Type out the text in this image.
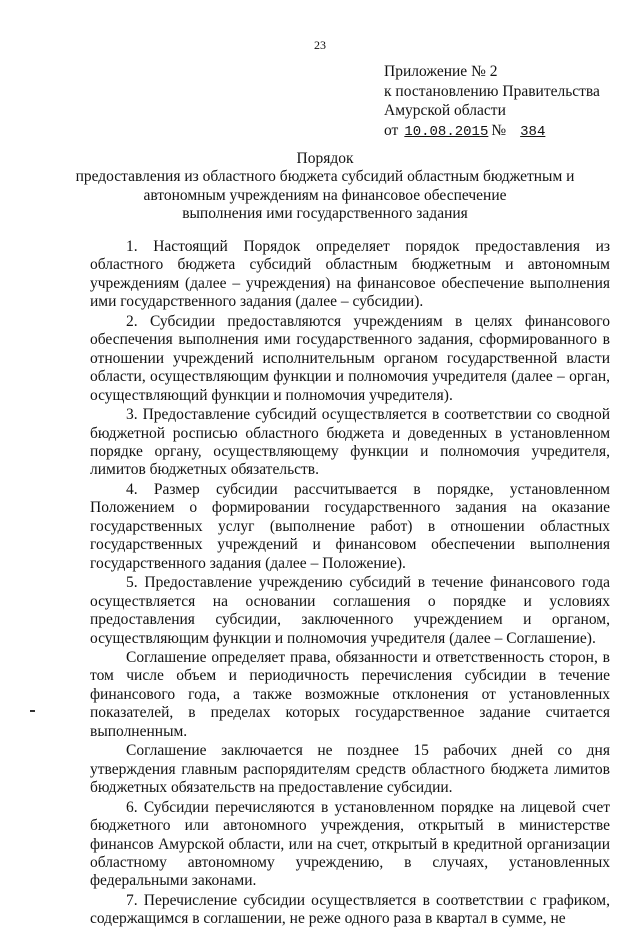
23
Приложение № 2
к постановлению Правительства
Амурской области
от 10.08.2015 № 384
Порядок
предоставления из областного бюджета субсидий областным бюджетным и
автономным учреждениям на финансовое обеспечение
выполнения ими государственного задания

1. Настоящий Порядок определяет порядок предоставления из областного бюджета субсидий областным бюджетным и автономным учреждениям (далее – учреждения) на финансовое обеспечение выполнения ими государственного задания (далее – субсидии).

2. Субсидии предоставляются учреждениям в целях финансового обеспечения выполнения ими государственного задания, сформированного в отношении учреждений исполнительным органом государственной власти области, осуществляющим функции и полномочия учредителя (далее – орган, осуществляющий функции и полномочия учредителя).

3. Предоставление субсидий осуществляется в соответствии со сводной бюджетной росписью областного бюджета и доведенных в установленном порядке органу, осуществляющему функции и полномочия учредителя, лимитов бюджетных обязательств.

4. Размер субсидии рассчитывается в порядке, установленном Положением о формировании государственного задания на оказание государственных услуг (выполнение работ) в отношении областных государственных учреждений и финансовом обеспечении выполнения государственного задания (далее – Положение).

5. Предоставление учреждению субсидий в течение финансового года осуществляется на основании соглашения о порядке и условиях предоставления субсидии, заключенного учреждением и органом, осуществляющим функции и полномочия учредителя (далее – Соглашение).

Соглашение определяет права, обязанности и ответственность сторон, в том числе объем и периодичность перечисления субсидии в течение финансового года, а также возможные отклонения от установленных показателей, в пределах которых государственное задание считается выполненным.

Соглашение заключается не позднее 15 рабочих дней со дня утверждения главным распорядителям средств областного бюджета лимитов бюджетных обязательств на предоставление субсидии.

6. Субсидии перечисляются в установленном порядке на лицевой счет бюджетного или автономного учреждения, открытый в министерстве финансов Амурской области, или на счет, открытый в кредитной организации областному автономному учреждению, в случаях, установленных федеральными законами.

7. Перечисление субсидии осуществляется в соответствии с графиком, содержащимся в соглашении, не реже одного раза в квартал в сумме, не
